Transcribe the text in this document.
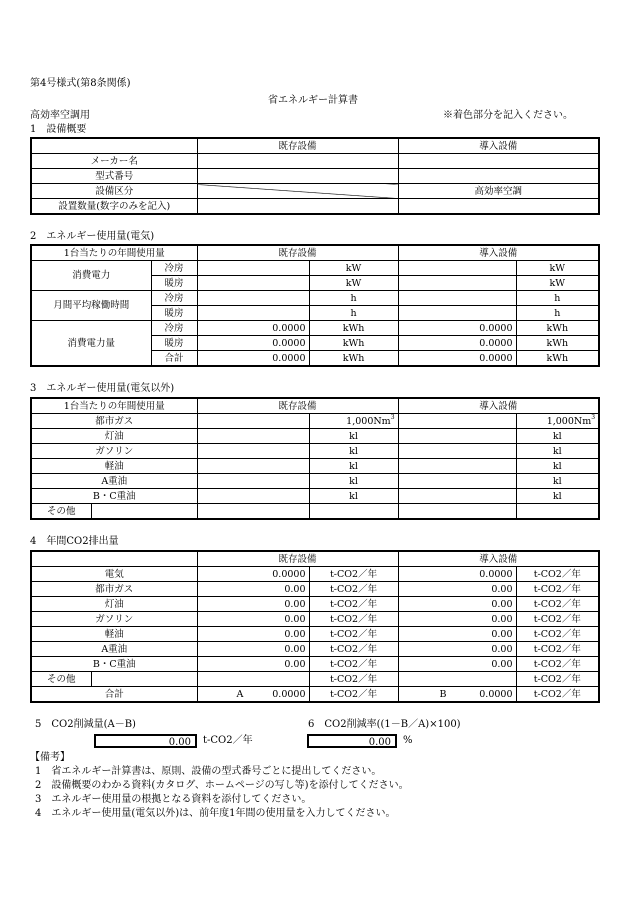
第4号様式(第8条関係)
省エネルギー計算書
高効率空調用	※着色部分を記入ください。
1　設備概要
	既存設備	導入設備
メーカー名		
型式番号		
設備区分		高効率空調
設置数量(数字のみを記入)		
2　エネルギー使用量(電気)
1台当たりの年間使用量		既存設備		導入設備	
消費電力	冷房		kW		kW
	暖房		kW		kW
月間平均稼働時間	冷房		h		h
	暖房		h		h
消費電力量	冷房	0.0000	kWh	0.0000	kWh
	暖房	0.0000	kWh	0.0000	kWh
	合計	0.0000	kWh	0.0000	kWh
3　エネルギー使用量(電気以外)
1台当たりの年間使用量		既存設備		導入設備	
都市ガス			1,000Nm$^3$		1,000Nm$^3$
灯油			kl		kl
ガソリン			kl		kl
軽油			kl		kl
A重油			kl		kl
B・C重油			kl		kl
その他					
4　年間CO2排出量
		既存設備		導入設備	
電気		0.0000	t-CO2／年	0.0000	t-CO2／年
都市ガス		0.00	t-CO2／年	0.00	t-CO2／年
灯油		0.00	t-CO2／年	0.00	t-CO2／年
ガソリン		0.00	t-CO2／年	0.00	t-CO2／年
軽油		0.00	t-CO2／年	0.00	t-CO2／年
A重油		0.00	t-CO2／年	0.00	t-CO2／年
B・C重油		0.00	t-CO2／年	0.00	t-CO2／年
その他			t-CO2／年		t-CO2／年
合計		A 0.0000	t-CO2／年	B 0.0000	t-CO2／年
5　CO2削減量(A－B)
0.00	t-CO2／年
6　CO2削減率((1－B／A)×100)
0.00	%
【備考】
1　省エネルギー計算書は、原則、設備の型式番号ごとに提出してください。
2　設備概要のわかる資料(カタログ、ホームページの写し等)を添付してください。
3　エネルギー使用量の根拠となる資料を添付してください。
4　エネルギー使用量(電気以外)は、前年度1年間の使用量を入力してください。
